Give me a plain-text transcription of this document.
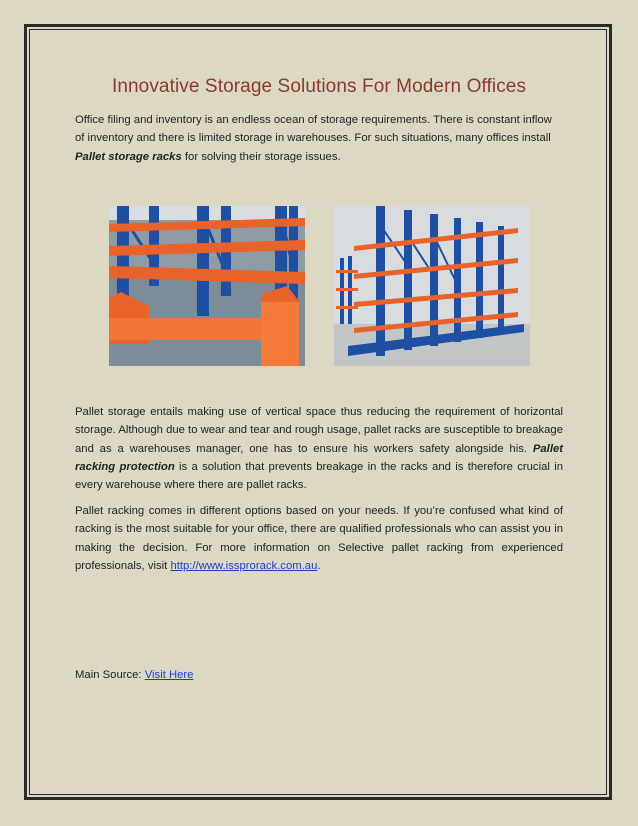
Innovative Storage Solutions For Modern Offices

Office filing and inventory is an endless ocean of storage requirements. There is constant inflow of inventory and there is limited storage in warehouses. For such situations, many offices install Pallet storage racks for solving their storage issues.

Pallet storage entails making use of vertical space thus reducing the requirement of horizontal storage. Although due to wear and tear and rough usage, pallet racks are susceptible to breakage and as a warehouses manager, one has to ensure his workers safety alongside his. Pallet racking protection is a solution that prevents breakage in the racks and is therefore crucial in every warehouse where there are pallet racks.

Pallet racking comes in different options based on your needs. If you’re confused what kind of racking is the most suitable for your office, there are qualified professionals who can assist you in making the decision. For more information on Selective pallet racking from experienced professionals, visit http://www.issprorack.com.au.

Main Source: Visit Here
